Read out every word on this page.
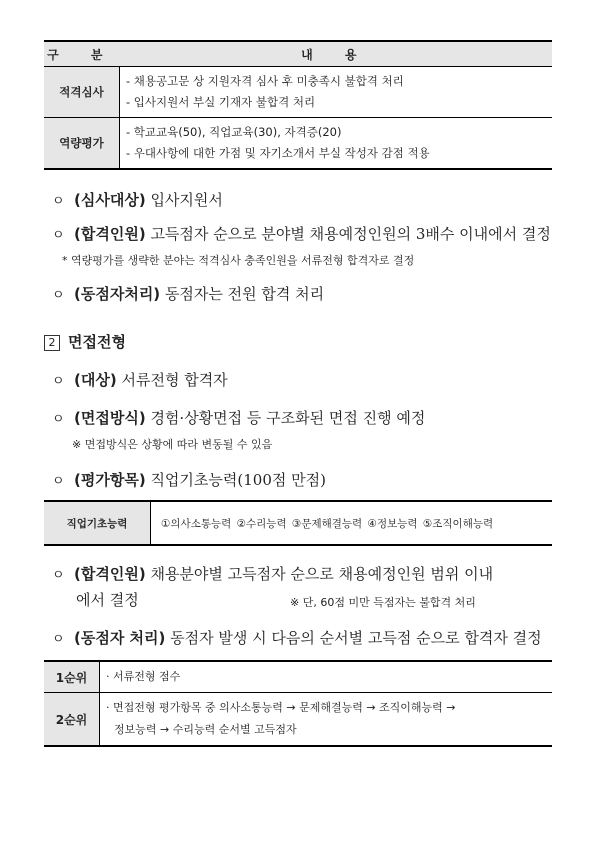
구 분	내 용
적격심사	- 채용공고문 상 지원자격 심사 후 미충족시 불합격 처리
- 입사지원서 부실 기재자 불합격 처리

역량평가	- 학교교육(50), 직업교육(30), 자격증(20)
- 우대사항에 대한 가점 및 자기소개서 부실 작성자 감점 적용
ㅇ (심사대상) 입사지원서
ㅇ (합격인원) 고득점자 순으로 분야별 채용예정인원의 3배수 이내에서 결정
* 역량평가를 생략한 분야는 적격심사 충족인원을 서류전형 합격자로 결정
ㅇ (동점자처리) 동점자는 전원 합격 처리
2 면접전형
ㅇ (대상) 서류전형 합격자
ㅇ (면접방식) 경험·상황면접 등 구조화된 면접 진행 예정
※ 면접방식은 상황에 따라 변동될 수 있음
ㅇ (평가항목) 직업기초능력(100점 만점)
직업기초능력	①의사소통능력 ②수리능력 ③문제해결능력 ④정보능력 ⑤조직이해능력
ㅇ (합격인원) 채용분야별 고득점자 순으로 채용예정인원 범위 이내
에서 결정	※ 단, 60점 미만 득점자는 불합격 처리
ㅇ (동점자 처리) 동점자 발생 시 다음의 순서별 고득점 순으로 합격자 결정
1순위	· 서류전형 점수

2순위	· 면접전형 평가항목 중 의사소통능력 → 문제해결능력 → 조직이해능력 →
정보능력 → 수리능력 순서별 고득점자
